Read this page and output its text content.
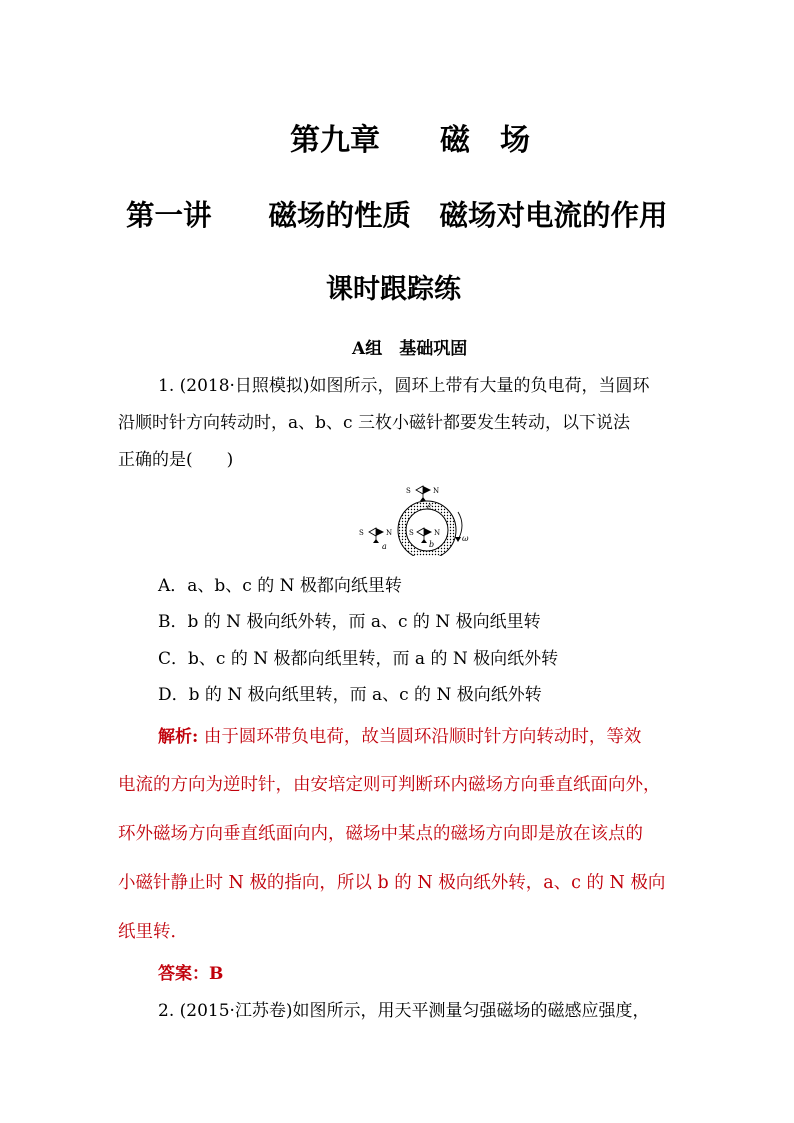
第九章　　磁　场
第一讲　　磁场的性质　磁场对电流的作用
课时跟踪练
A组　基础巩固
1. (2018·日照模拟)如图所示，圆环上带有大量的负电荷，当圆环
沿顺时针方向转动时，a、b、c 三枚小磁针都要发生转动，以下说法
正确的是(　　)
S	N
c
S	N
a
S	N
b
ω
A．a、b、c 的 N 极都向纸里转
B．b 的 N 极向纸外转，而 a、c 的 N 极向纸里转
C．b、c 的 N 极都向纸里转，而 a 的 N 极向纸外转
D．b 的 N 极向纸里转，而 a、c 的 N 极向纸外转
解析: 由于圆环带负电荷，故当圆环沿顺时针方向转动时，等效
电流的方向为逆时针，由安培定则可判断环内磁场方向垂直纸面向外，
环外磁场方向垂直纸面向内，磁场中某点的磁场方向即是放在该点的
小磁针静止时 N 极的指向，所以 b 的 N 极向纸外转，a、c 的 N 极向
纸里转．
答案：B
2. (2015·江苏卷)如图所示，用天平测量匀强磁场的磁感应强度，
